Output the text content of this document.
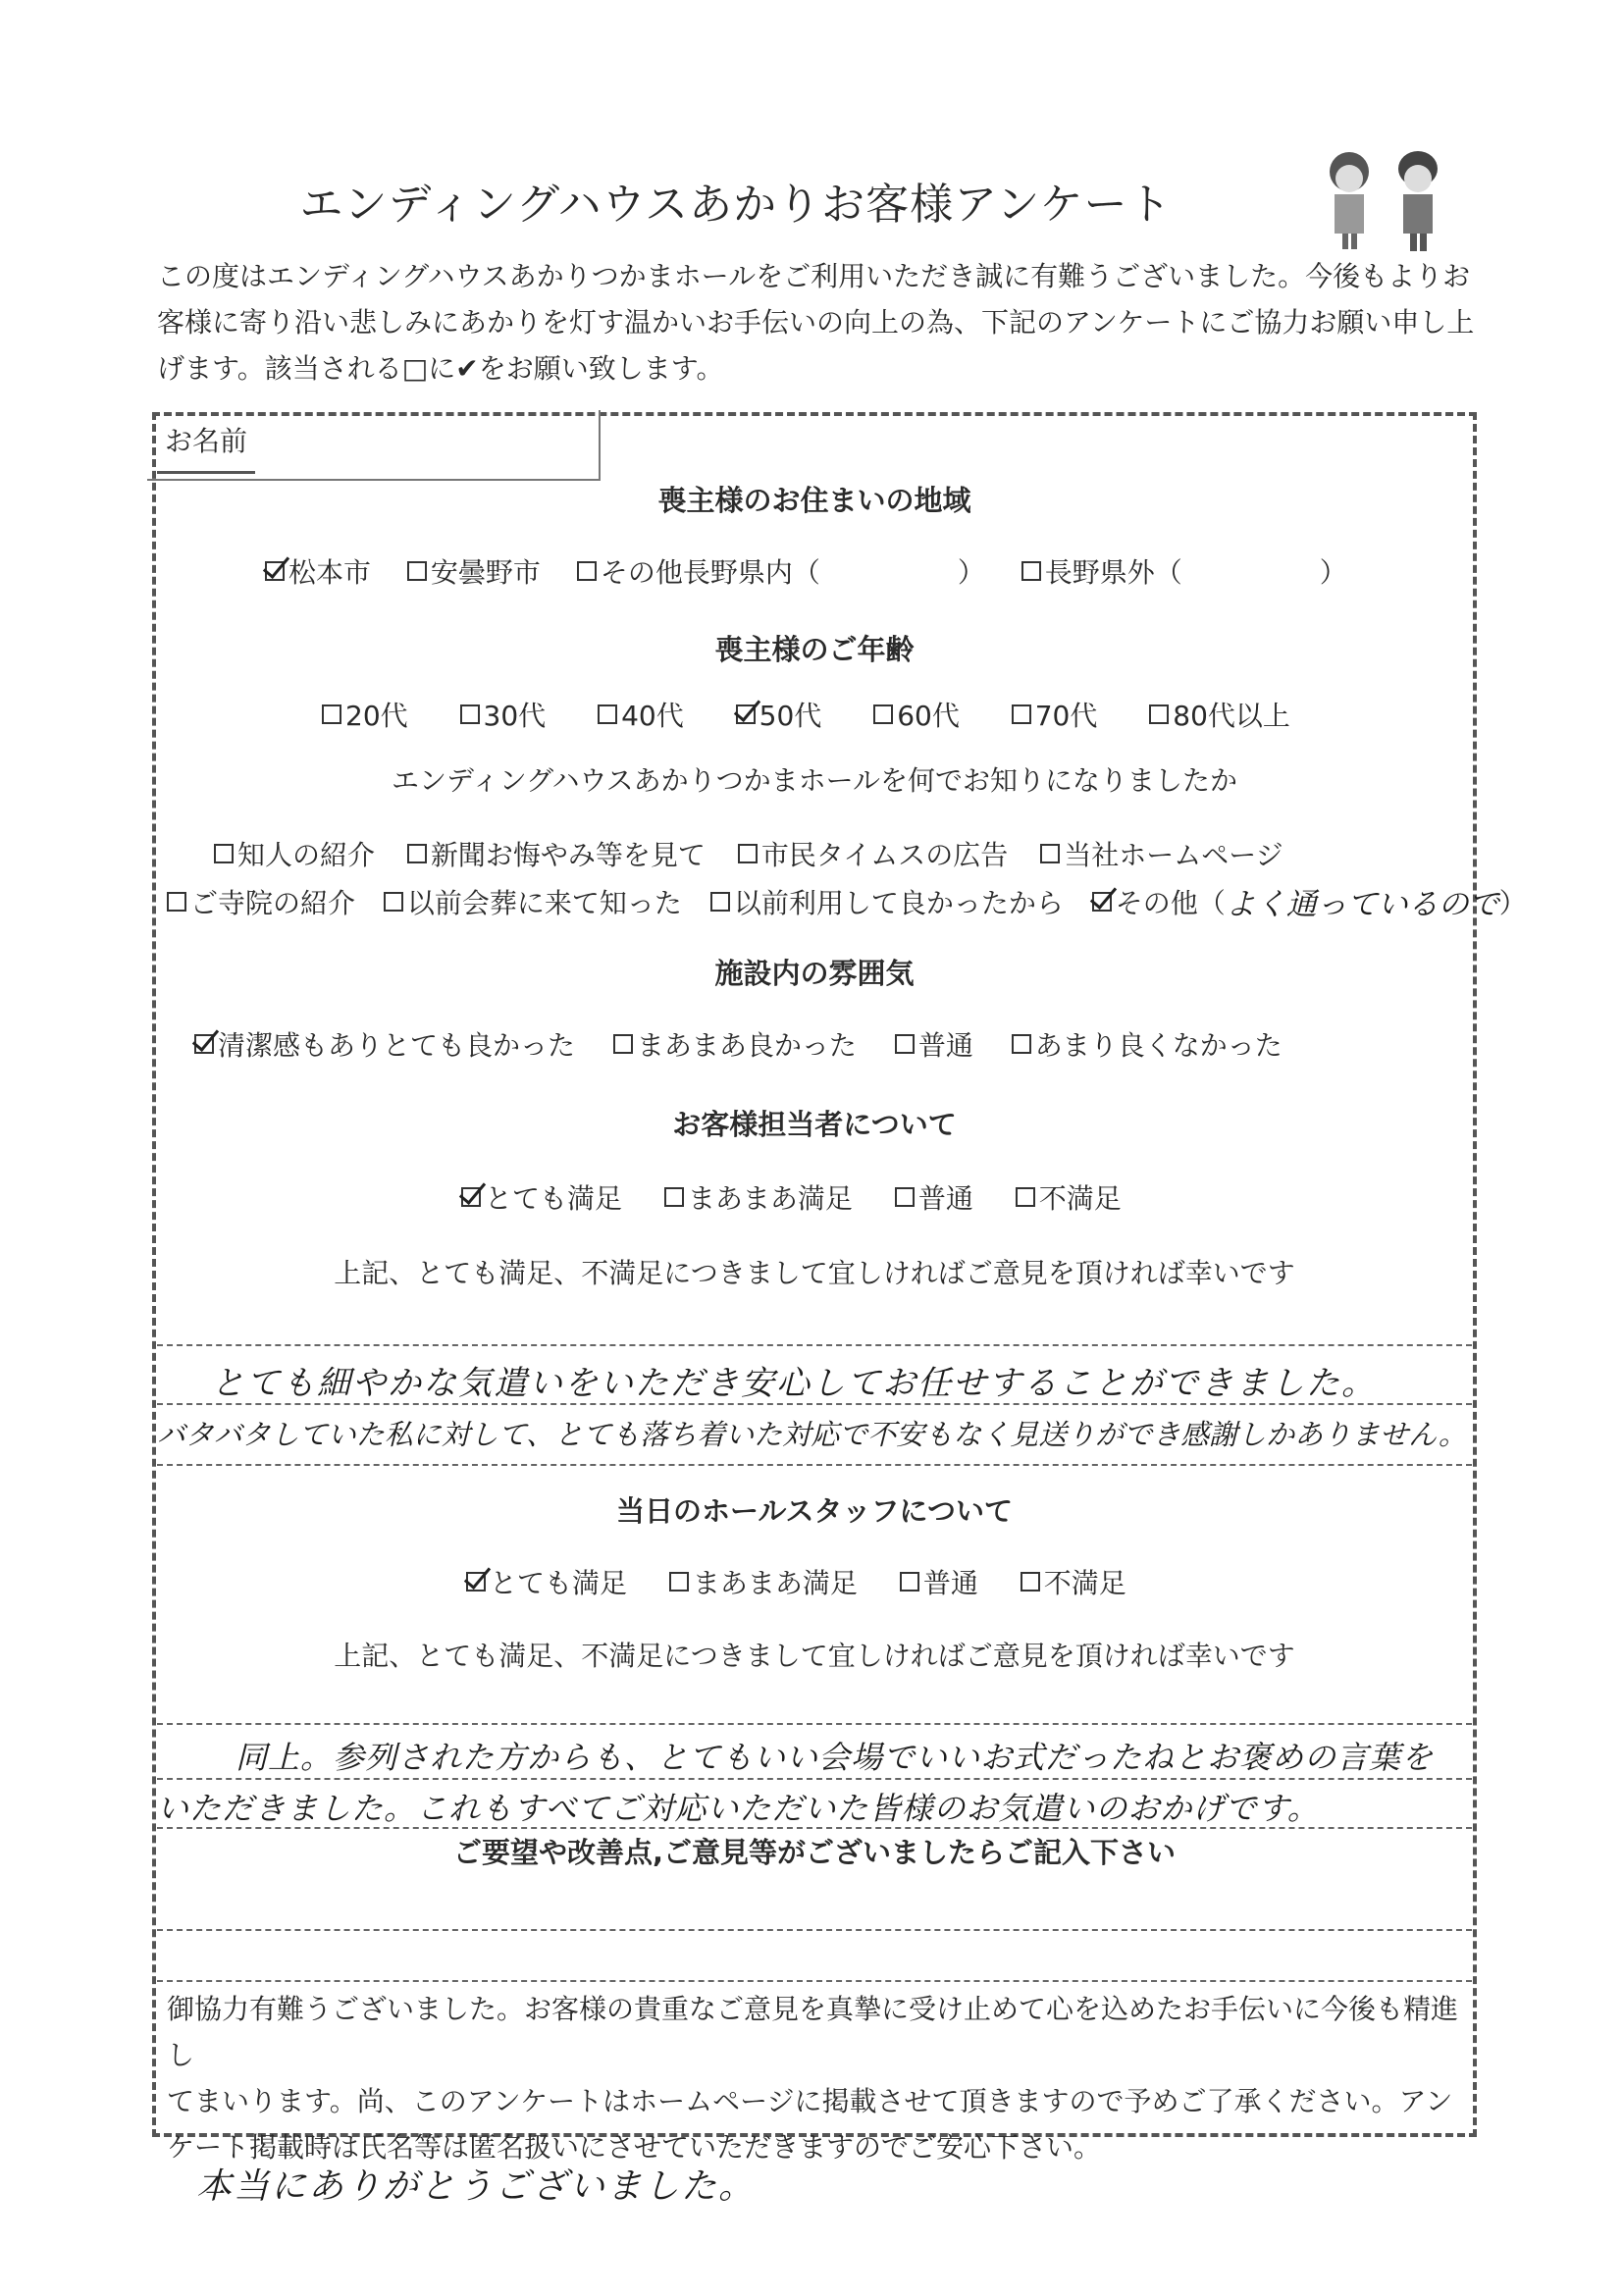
エンディングハウスあかりお客様アンケート
この度はエンディングハウスあかりつかまホールをご利用いただき誠に有難うございました。今後もよりお
客様に寄り沿い悲しみにあかりを灯す温かいお手伝いの向上の為、下記のアンケートにご協力お願い申し上
げます。該当される□に✔をお願い致します。
お名前
喪主様のお住まいの地域
松本市
安曇野市
その他長野県内（　　　　　）
長野県外（　　　　　）
喪主様のご年齢
20代
	30代
	40代
	50代
	60代
	70代
	80代以上
エンディングハウスあかりつかまホールを何でお知りになりましたか
知人の紹介
新聞お悔やみ等を見て
市民タイムスの広告
当社ホームページ
ご寺院の紹介
以前会葬に来て知った
以前利用して良かったから
その他（ よく通っているので ）
施設内の雰囲気
清潔感もありとても良かった
まあまあ良かった
普通
あまり良くなかった
お客様担当者について
とても満足
まあまあ満足
普通
不満足
上記、とても満足、不満足につきまして宜しければご意見を頂ければ幸いです
とても細やかな気遣いをいただき安心してお任せすることができました。
バタバタしていた私に対して、とても落ち着いた対応で不安もなく見送りができ感謝しかありません。
当日のホールスタッフについて
とても満足
まあまあ満足
普通
不満足
上記、とても満足、不満足につきまして宜しければご意見を頂ければ幸いです
同上。参列された方からも、とてもいい会場でいいお式だったねとお褒めの言葉を
いただきました。これもすべてご対応いただいた皆様のお気遣いのおかげです。
ご要望や改善点,ご意見等がございましたらご記入下さい
御協力有難うございました。お客様の貴重なご意見を真摯に受け止めて心を込めたお手伝いに今後も精進し
てまいります。尚、このアンケートはホームページに掲載させて頂きますので予めご了承ください。アン
ケート掲載時は氏名等は匿名扱いにさせていただきますのでご安心下さい。
本当にありがとうございました。
